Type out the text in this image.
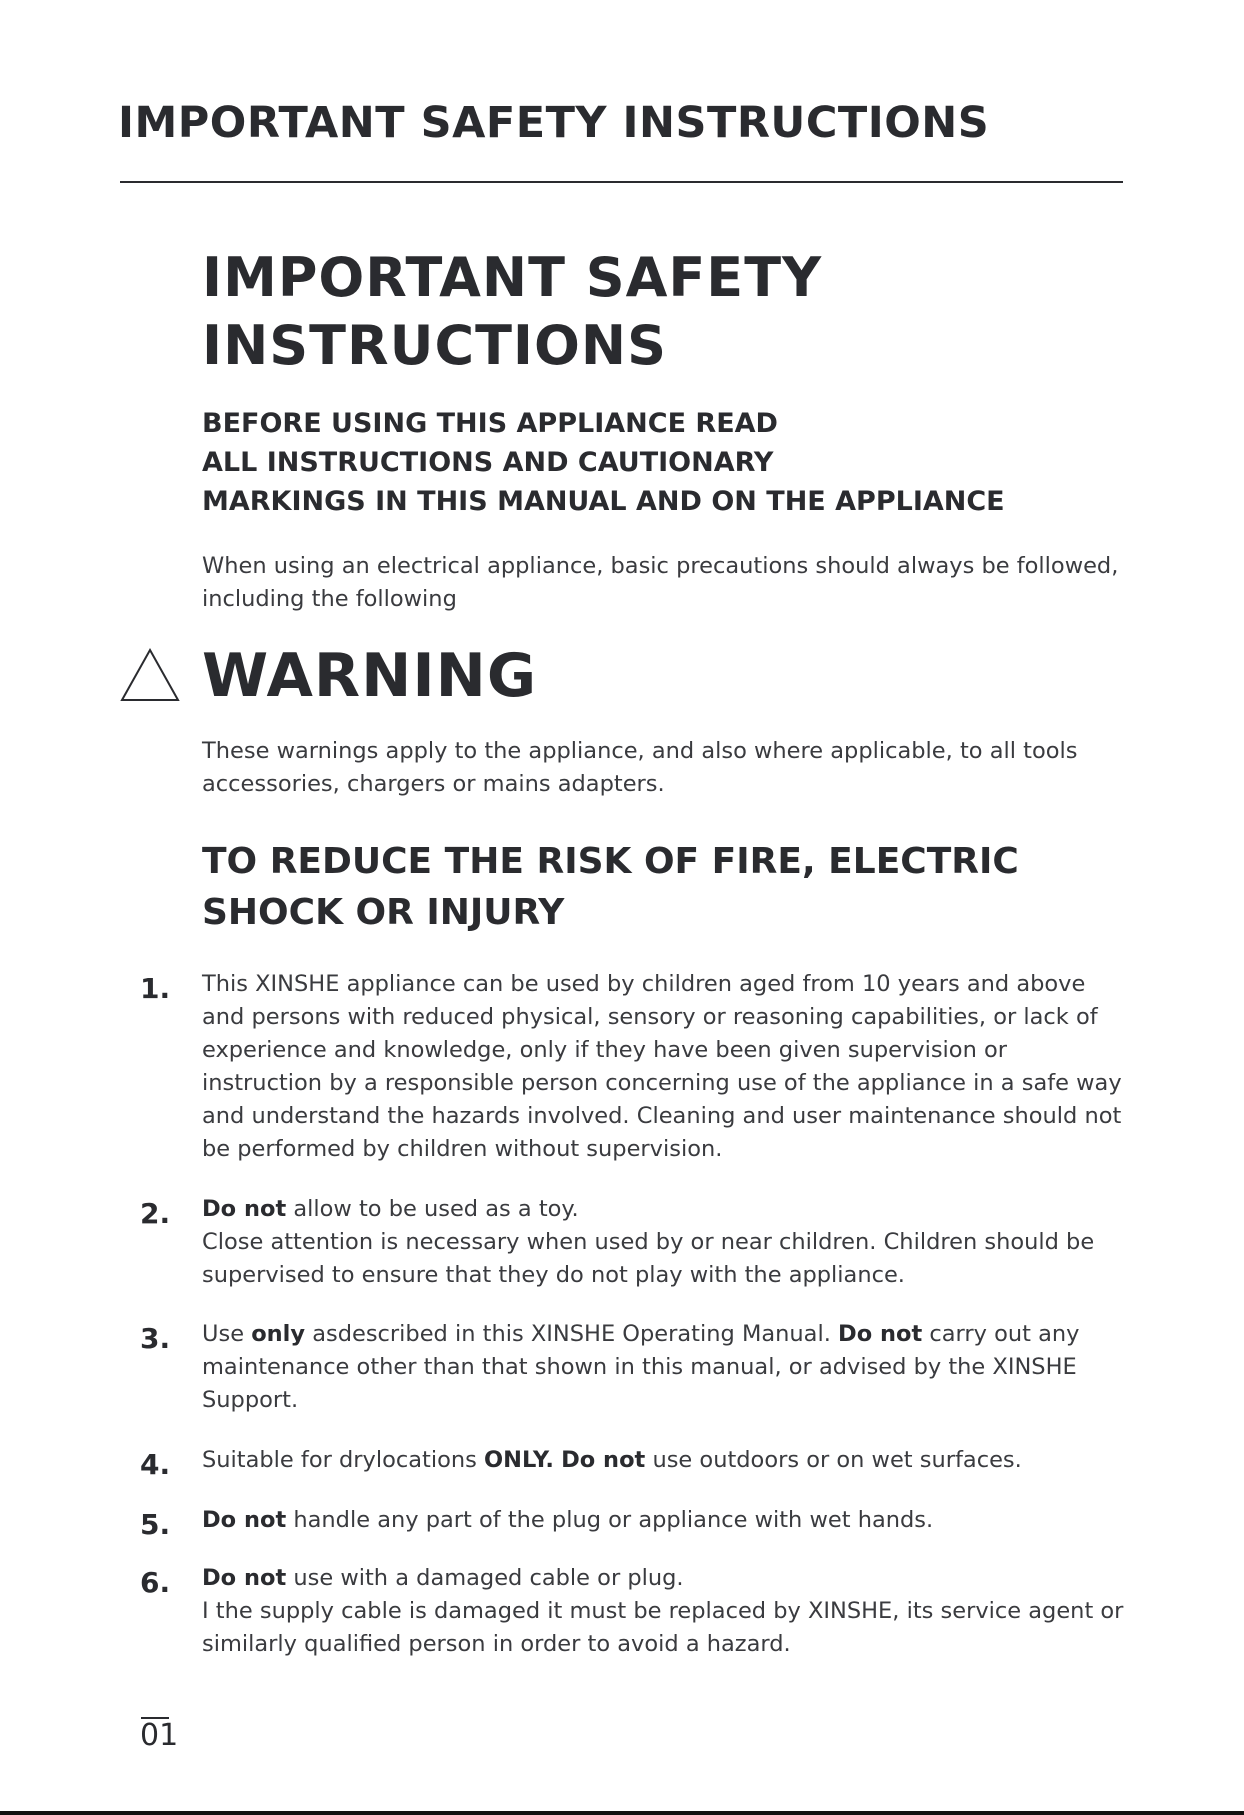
IMPORTANT SAFETY INSTRUCTIONS
IMPORTANT SAFETY
INSTRUCTIONS
BEFORE USING THIS APPLIANCE READ
ALL INSTRUCTIONS AND CAUTIONARY
MARKINGS IN THIS MANUAL AND ON THE APPLIANCE
When using an electrical appliance, basic precautions should always be followed, including the following
WARNING
These warnings apply to the appliance, and also where applicable, to all tools accessories, chargers or mains adapters.
TO REDUCE THE RISK OF FIRE, ELECTRIC
SHOCK OR INJURY
1. This XINSHE appliance can be used by children aged from 10 years and above and persons with reduced physical, sensory or reasoning capabilities, or lack of experience and knowledge, only if they have been given supervision or instruction by a responsible person concerning use of the appliance in a safe way and understand the hazards involved. Cleaning and user maintenance should not be performed by children without supervision.

2. Do not allow to be used as a toy.

Close attention is necessary when used by or near children. Children should be supervised to ensure that they do not play with the appliance.

3. Use only asdescribed in this XINSHE Operating Manual. Do not carry out any maintenance other than that shown in this manual, or advised by the XINSHE Support.

4. Suitable for drylocations ONLY. Do not use outdoors or on wet surfaces.

5. Do not handle any part of the plug or appliance with wet hands.

6. Do not use with a damaged cable or plug.

I the supply cable is damaged it must be replaced by XINSHE, its service agent or similarly qualified person in order to avoid a hazard.

01
